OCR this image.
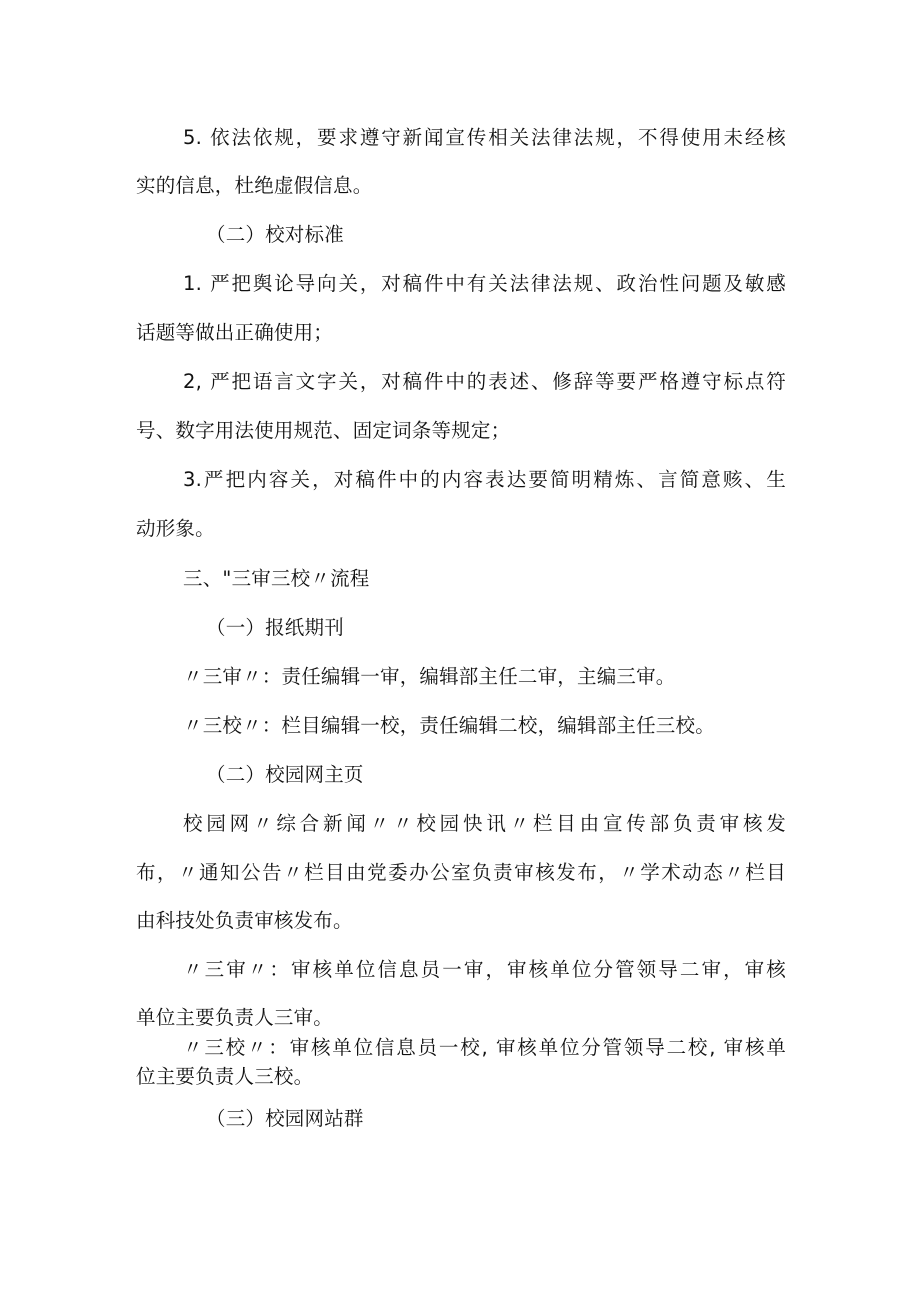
5. 依法依规，要求遵守新闻宣传相关法律法规，不得使用未经核
实的信息，杜绝虚假信息。
（二）校对标准
1. 严把舆论导向关，对稿件中有关法律法规、政治性问题及敏感
话题等做出正确使用；
2, 严把语言文字关，对稿件中的表述、修辞等要严格遵守标点符
号、数字用法使用规范、固定词条等规定；
3.严把内容关，对稿件中的内容表达要简明精炼、言简意赅、生
动形象。
三、"三审三校〃流程
（一）报纸期刊
〃三审〃：责任编辑一审，编辑部主任二审，主编三审。
〃三校〃：栏目编辑一校，责任编辑二校，编辑部主任三校。
（二）校园网主页
校园网〃综合新闻〃〃校园快讯〃栏目由宣传部负责审核发
布，〃通知公告〃栏目由党委办公室负责审核发布，〃学术动态〃栏目
由科技处负责审核发布。
〃三审〃：审核单位信息员一审，审核单位分管领导二审，审核
单位主要负责人三审。
〃三校〃：审核单位信息员一校, 审核单位分管领导二校, 审核单
位主要负责人三校。
（三）校园网站群
